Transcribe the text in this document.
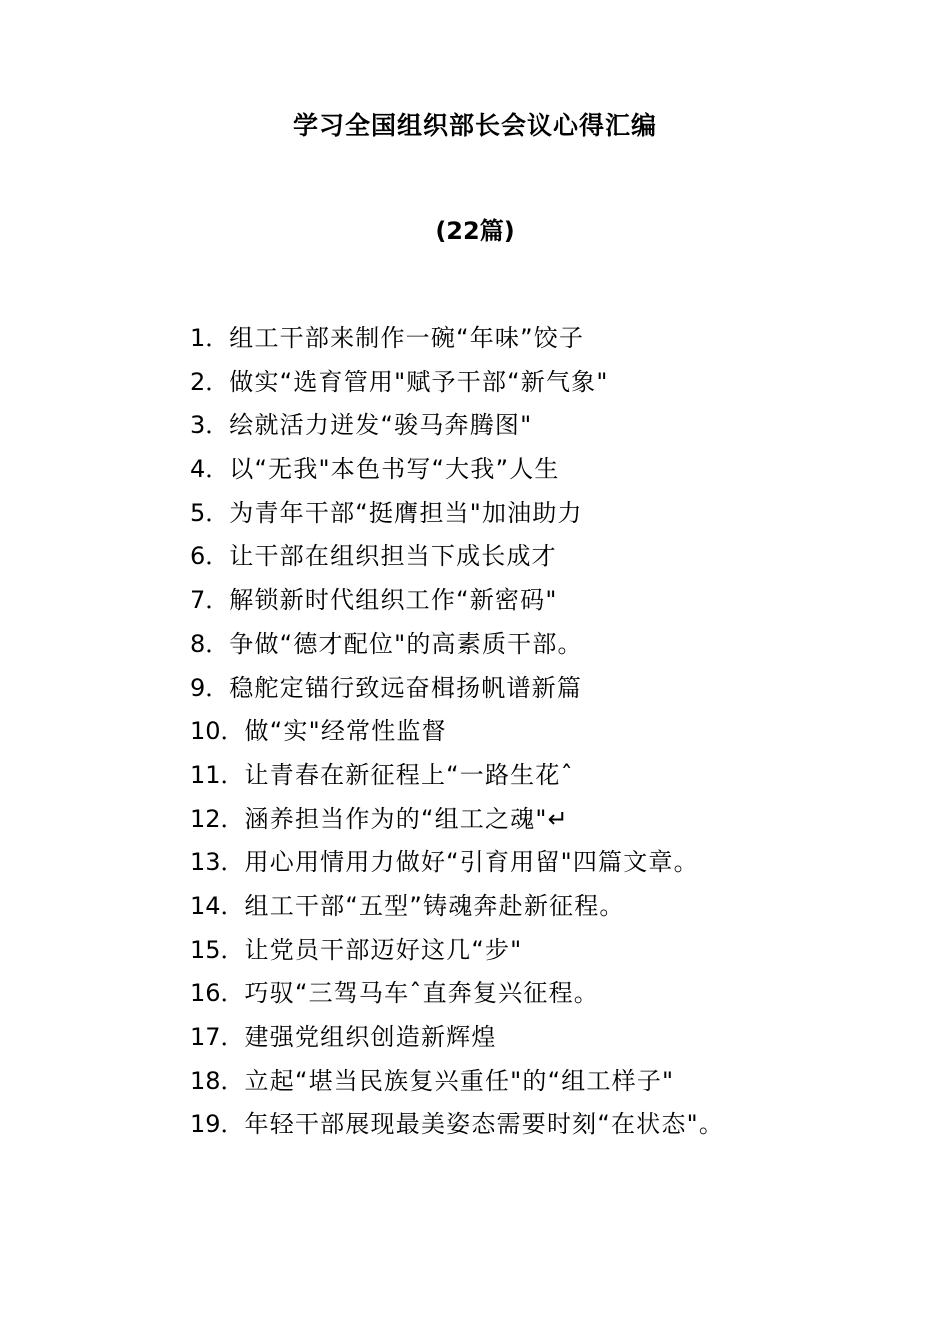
学习全国组织部长会议心得汇编
(22篇)
1．组工干部来制作一碗“年味”饺子
2．做实“选育管用"赋予干部“新气象"
3．绘就活力迸发“骏马奔腾图"
4．以“无我"本色书写“大我”人生
5．为青年干部“挺膺担当"加油助力
6．让干部在组织担当下成长成才
7．解锁新时代组织工作“新密码"
8．争做“德才配位"的高素质干部。
9．稳舵定锚行致远奋楫扬帆谱新篇
10．做“实"经常性监督
11．让青春在新征程上“一路生花ˆ
12．涵养担当作为的“组工之魂"↵
13．用心用情用力做好“引育用留"四篇文章。
14．组工干部“五型”铸魂奔赴新征程。
15．让党员干部迈好这几“步"
16．巧驭“三驾马车ˆ直奔复兴征程。
17．建强党组织创造新辉煌
18．立起“堪当民族复兴重任"的“组工样子"
19．年轻干部展现最美姿态需要时刻“在状态"。
